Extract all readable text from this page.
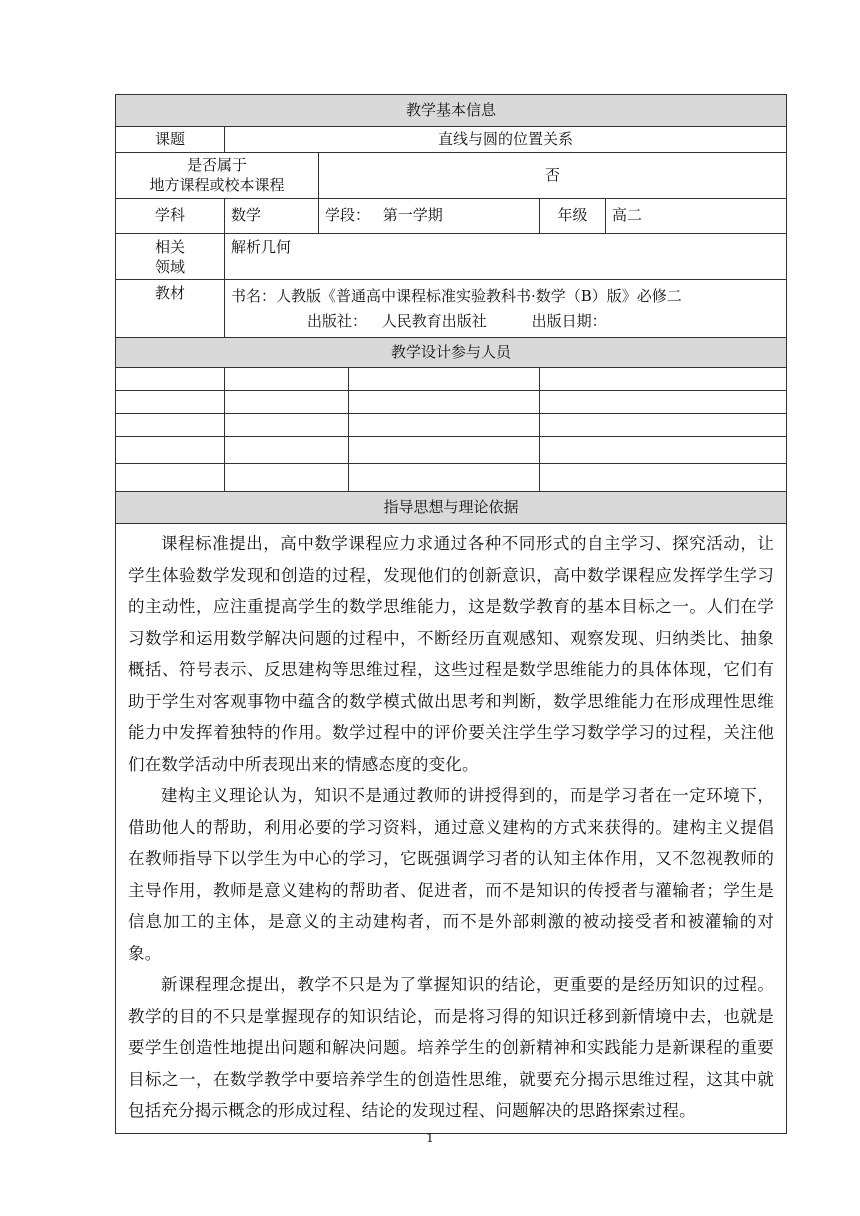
教学基本信息					
课题	直线与圆的位置关系				

是否属于
地方课程或校本课程		否			
学科	数学	学段： 第一学期		年级	高二

相关
领域	解析几何				
教材	书名：人教版《普通高中课程标准实验教科书·数学（B）版》必修二
出版社： 人民教育出版社 出版日期：				

教学设计参与人员					

指导思想与理论依据					

课程标准提出，高中数学课程应力求通过各种不同形式的自主学习、探究活动，让学生体验数学发现和创造的过程，发现他们的创新意识，高中数学课程应发挥学生学习的主动性，应注重提高学生的数学思维能力，这是数学教育的基本目标之一。人们在学习数学和运用数学解决问题的过程中，不断经历直观感知、观察发现、归纳类比、抽象概括、符号表示、反思建构等思维过程，这些过程是数学思维能力的具体体现，它们有助于学生对客观事物中蕴含的数学模式做出思考和判断，数学思维能力在形成理性思维能力中发挥着独特的作用。数学过程中的评价要关注学生学习数学学习的过程，关注他们在数学活动中所表现出来的情感态度的变化。

建构主义理论认为，知识不是通过教师的讲授得到的，而是学习者在一定环境下，借助他人的帮助，利用必要的学习资料，通过意义建构的方式来获得的。建构主义提倡在教师指导下以学生为中心的学习，它既强调学习者的认知主体作用，又不忽视教师的主导作用，教师是意义建构的帮助者、促进者，而不是知识的传授者与灌输者；学生是信息加工的主体，是意义的主动建构者，而不是外部刺激的被动接受者和被灌输的对象。

新课程理念提出，教学不只是为了掌握知识的结论，更重要的是经历知识的过程。教学的目的不只是掌握现存的知识结论，而是将习得的知识迁移到新情境中去，也就是要学生创造性地提出问题和解决问题。培养学生的创新精神和实践能力是新课程的重要目标之一，在数学教学中要培养学生的创造性思维，就要充分揭示思维过程，这其中就包括充分揭示概念的形成过程、结论的发现过程、问题解决的思路探索过程。					

1
